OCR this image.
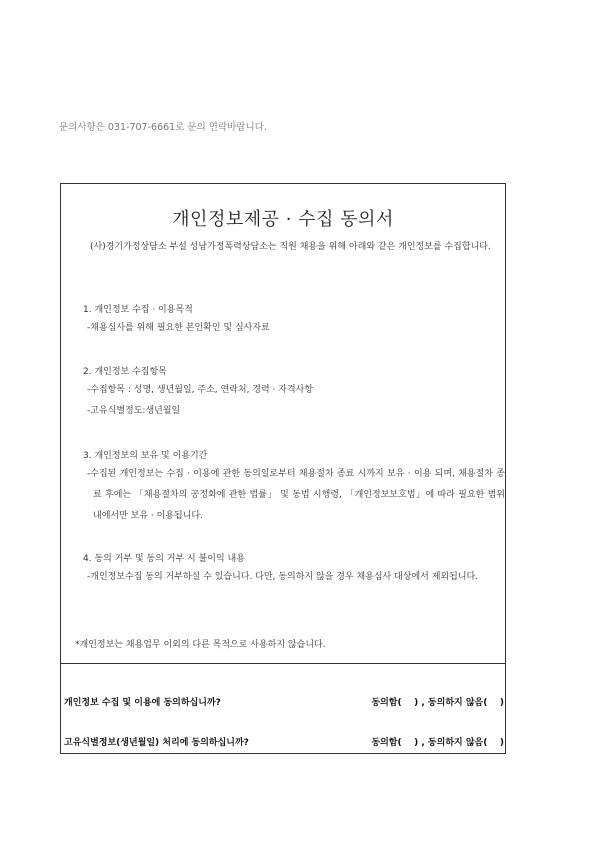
문의사항은 031-707-6661로 문의 연락바랍니다.
개인정보제공 · 수집 동의서
(사)경기가정상담소 부설 성남가정폭력상담소는 직원 채용을 위해 아래와 같은 개인정보를 수집합니다.
1. 개인정보 수집 · 이용목적
-채용심사를 위해 필요한 본인확인 및 심사자료
2. 개인정보 수집항목
-수집항목 : 성명, 생년월일, 주소, 연락처, 경력 · 자격사항
-고유식별정도:생년월일
3. 개인정보의 보유 및 이용기간
-수집된 개인정보는 수집 · 이용에 관한 동의일로부터 채용절차 종료 시까지 보유 · 이용 되며, 채용절차 종료 후에는 「채용절차의 공정화에 관한 법률」 및 동법 시행령, 「개인정보보호법」에 따라 필요한 범위 내에서만 보유 · 이용됩니다.
4. 동의 거부 및 동의 거부 시 불이익 내용
-개인정보수집 동의 거부하실 수 있습니다. 다만, 동의하지 않을 경우 채용심사 대상에서 제외됩니다.
*개인정보는 채용업무 이외의 다른 목적으로 사용하지 않습니다.
개인정보 수집 및 이용에 동의하십니까?	동의함(    ) , 동의하지 않음(    )
고유식별정보(생년월일) 처리에 동의하십니까?	동의함(    ) , 동의하지 않음(    )
